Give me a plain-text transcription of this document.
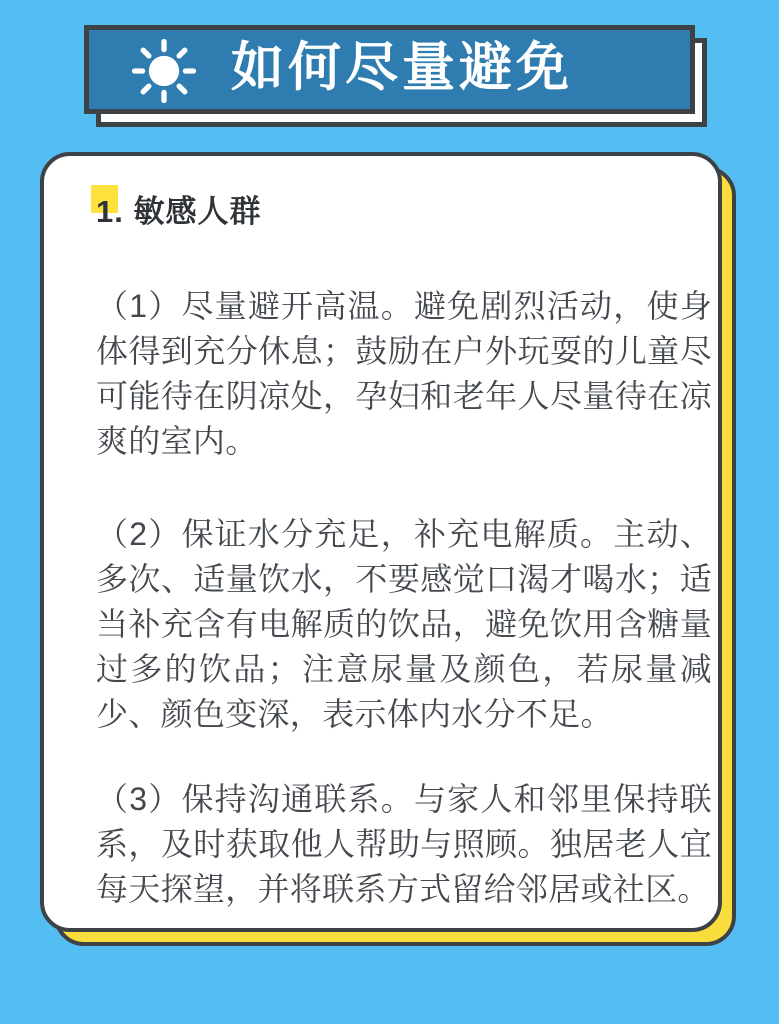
如何尽量避免
1. 敏感人群

（1）尽量避开高温。避免剧烈活动，使身体得到充分休息；鼓励在户外玩耍的儿童尽可能待在阴凉处，孕妇和老年人尽量待在凉爽的室内。

（2）保证水分充足，补充电解质。主动、多次、适量饮水，不要感觉口渴才喝水；适当补充含有电解质的饮品，避免饮用含糖量过多的饮品；注意尿量及颜色，若尿量减少、颜色变深，表示体内水分不足。

（3）保持沟通联系。与家人和邻里保持联系，及时获取他人帮助与照顾。独居老人宜每天探望，并将联系方式留给邻居或社区。
